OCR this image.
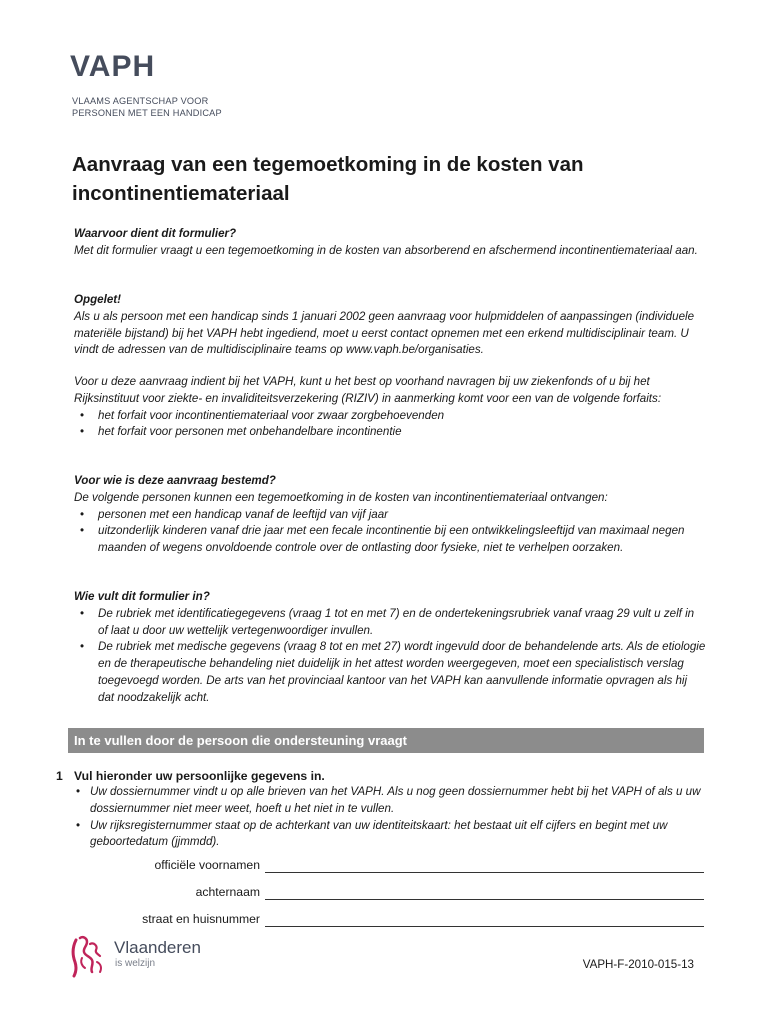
VAPH
VLAAMS AGENTSCHAP VOOR
PERSONEN MET EEN HANDICAP
Aanvraag van een tegemoetkoming in de kosten van incontinentiemateriaal

Waarvoor dient dit formulier?

Met dit formulier vraagt u een tegemoetkoming in de kosten van absorberend en afschermend incontinentiemateriaal aan.

Opgelet!

Als u als persoon met een handicap sinds 1 januari 2002 geen aanvraag voor hulpmiddelen of aanpassingen (individuele materiële bijstand) bij het VAPH hebt ingediend, moet u eerst contact opnemen met een erkend multidisciplinair team. U vindt de adressen van de multidisciplinaire teams op www.vaph.be/organisaties.

Voor u deze aanvraag indient bij het VAPH, kunt u het best op voorhand navragen bij uw ziekenfonds of u bij het Rijksinstituut voor ziekte- en invaliditeitsverzekering (RIZIV) in aanmerking komt voor een van de volgende forfaits:

• het forfait voor incontinentiemateriaal voor zwaar zorgbehoevenden
• het forfait voor personen met onbehandelbare incontinentie

Voor wie is deze aanvraag bestemd?

De volgende personen kunnen een tegemoetkoming in de kosten van incontinentiemateriaal ontvangen:

• personen met een handicap vanaf de leeftijd van vijf jaar
• uitzonderlijk kinderen vanaf drie jaar met een fecale incontinentie bij een ontwikkelingsleeftijd van maximaal negen maanden of wegens onvoldoende controle over de ontlasting door fysieke, niet te verhelpen oorzaken.

Wie vult dit formulier in?

• De rubriek met identificatiegegevens (vraag 1 tot en met 7) en de ondertekeningsrubriek vanaf vraag 29 vult u zelf in of laat u door uw wettelijk vertegenwoordiger invullen.
• De rubriek met medische gegevens (vraag 8 tot en met 27) wordt ingevuld door de behandelende arts. Als de etiologie en de therapeutische behandeling niet duidelijk in het attest worden weergegeven, moet een specialistisch verslag toegevoegd worden. De arts van het provinciaal kantoor van het VAPH kan aanvullende informatie opvragen als hij dat noodzakelijk acht.
In te vullen door de persoon die ondersteuning vraagt
1 Vul hieronder uw persoonlijke gegevens in.
• Uw dossiernummer vindt u op alle brieven van het VAPH. Als u nog geen dossiernummer hebt bij het VAPH of als u uw dossiernummer niet meer weet, hoeft u het niet in te vullen.
• Uw rijksregisternummer staat op de achterkant van uw identiteitskaart: het bestaat uit elf cijfers en begint met uw geboortedatum (jjmmdd).
officiële voornamen
achternaam
straat en huisnummer
Vlaanderen
is welzijn	VAPH-F-2010-015-13
